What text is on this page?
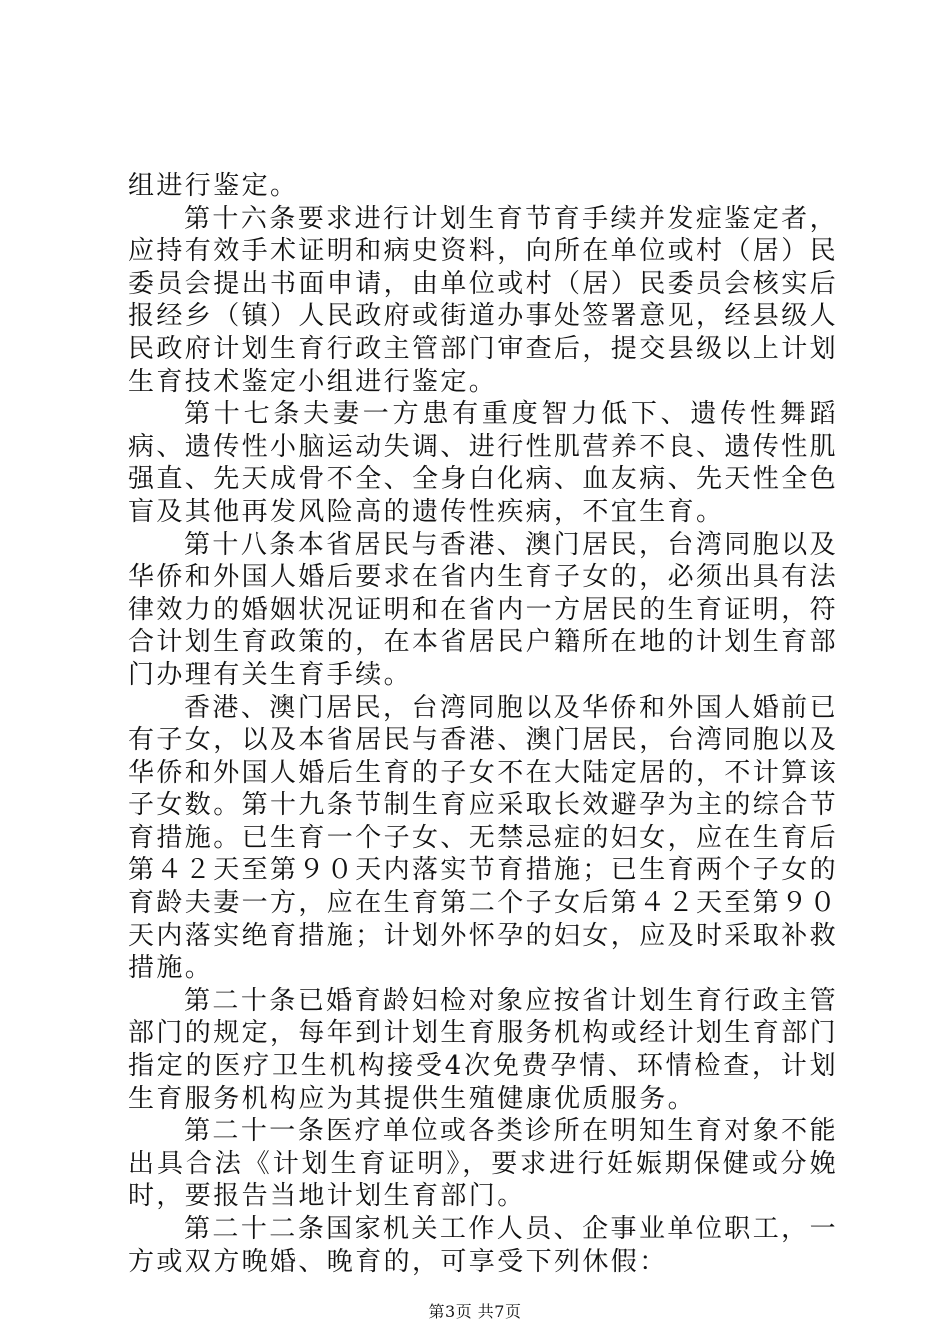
组进行鉴定。

第十六条要求进行计划生育节育手续并发症鉴定者，应持有效手术证明和病史资料，向所在单位或村（居）民委员会提出书面申请，由单位或村（居）民委员会核实后报经乡（镇）人民政府或街道办事处签署意见，经县级人民政府计划生育行政主管部门审查后，提交县级以上计划生育技术鉴定小组进行鉴定。

第十七条夫妻一方患有重度智力低下、遗传性舞蹈病、遗传性小脑运动失调、进行性肌营养不良、遗传性肌强直、先天成骨不全、全身白化病、血友病、先天性全色盲及其他再发风险高的遗传性疾病，不宜生育。

第十八条本省居民与香港、澳门居民，台湾同胞以及华侨和外国人婚后要求在省内生育子女的，必须出具有法律效力的婚姻状况证明和在省内一方居民的生育证明，符合计划生育政策的，在本省居民户籍所在地的计划生育部门办理有关生育手续。

香港、澳门居民，台湾同胞以及华侨和外国人婚前已有子女，以及本省居民与香港、澳门居民，台湾同胞以及华侨和外国人婚后生育的子女不在大陆定居的，不计算该子女数。第十九条节制生育应采取长效避孕为主的综合节育措施。已生育一个子女、无禁忌症的妇女，应在生育后第４２天至第９０天内落实节育措施；已生育两个子女的育龄夫妻一方，应在生育第二个子女后第４２天至第９０天内落实绝育措施；计划外怀孕的妇女，应及时采取补救措施。

第二十条已婚育龄妇检对象应按省计划生育行政主管部门的规定，每年到计划生育服务机构或经计划生育部门指定的医疗卫生机构接受4次免费孕情、环情检查，计划生育服务机构应为其提供生殖健康优质服务。

第二十一条医疗单位或各类诊所在明知生育对象不能出具合法《计划生育证明》，要求进行妊娠期保健或分娩时，要报告当地计划生育部门。

第二十二条国家机关工作人员、企事业单位职工，一方或双方晚婚、晚育的，可享受下列休假：

第3页 共7页
